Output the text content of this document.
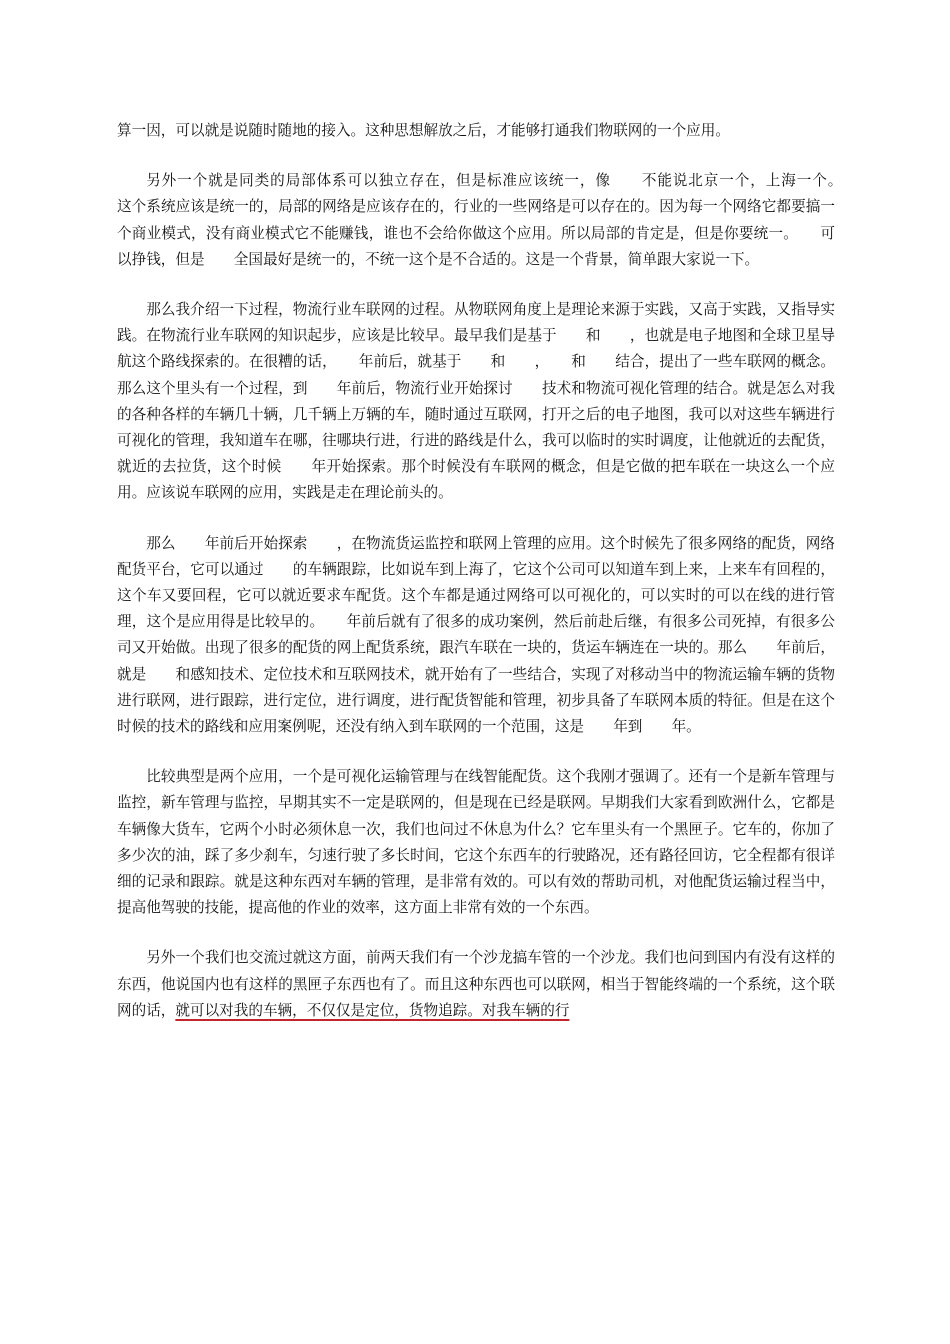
算一因，可以就是说随时随地的接入。这种思想解放之后，才能够打通我们物联网的一个应用。

另外一个就是同类的局部体系可以独立存在，但是标准应该统一，像　　不能说北京一个，上海一个。　　这个系统应该是统一的，局部的网络是应该存在的，行业的一些网络是可以存在的。因为每一个网络它都要搞一个商业模式，没有商业模式它不能赚钱，谁也不会给你做这个应用。所以局部的肯定是，但是你要统一。　　可以挣钱，但是　　全国最好是统一的，不统一这个是不合适的。这是一个背景，简单跟大家说一下。

那么我介绍一下过程，物流行业车联网的过程。从物联网角度上是理论来源于实践，又高于实践，又指导实践。在物流行业车联网的知识起步，应该是比较早。最早我们是基于　　和　　，也就是电子地图和全球卫星导航这个路线探索的。在很糟的话，　　年前后，就基于　　和　　，　　和　　结合，提出了一些车联网的概念。那么这个里头有一个过程，到　　年前后，物流行业开始探讨　　技术和物流可视化管理的结合。就是怎么对我的各种各样的车辆几十辆，几千辆上万辆的车，随时通过互联网，打开之后的电子地图，我可以对这些车辆进行可视化的管理，我知道车在哪，往哪块行进，行进的路线是什么，我可以临时的实时调度，让他就近的去配货，就近的去拉货，这个时候　　年开始探索。那个时候没有车联网的概念，但是它做的把车联在一块这么一个应用。应该说车联网的应用，实践是走在理论前头的。

那么　　年前后开始探索　　，在物流货运监控和联网上管理的应用。这个时候先了很多网络的配货，网络配货平台，它可以通过　　的车辆跟踪，比如说车到上海了，它这个公司可以知道车到上来，上来车有回程的，这个车又要回程，它可以就近要求车配货。这个车都是通过网络可以可视化的，可以实时的可以在线的进行管理，这个是应用得是比较早的。　　年前后就有了很多的成功案例，然后前赴后继，有很多公司死掉，有很多公司又开始做。出现了很多的配货的网上配货系统，跟汽车联在一块的，货运车辆连在一块的。那么　　年前后，就是　　和感知技术、定位技术和互联网技术，就开始有了一些结合，实现了对移动当中的物流运输车辆的货物进行联网，进行跟踪，进行定位，进行调度，进行配货智能和管理，初步具备了车联网本质的特征。但是在这个时候的技术的路线和应用案例呢，还没有纳入到车联网的一个范围，这是　　年到　　年。

比较典型是两个应用，一个是可视化运输管理与在线智能配货。这个我刚才强调了。还有一个是新车管理与监控，新车管理与监控，早期其实不一定是联网的，但是现在已经是联网。早期我们大家看到欧洲什么，它都是车辆像大货车，它两个小时必须休息一次，我们也问过不休息为什么？它车里头有一个黑匣子。它车的，你加了多少次的油，踩了多少刹车，匀速行驶了多长时间，它这个东西车的行驶路况，还有路径回访，它全程都有很详细的记录和跟踪。就是这种东西对车辆的管理，是非常有效的。可以有效的帮助司机，对他配货运输过程当中，提高他驾驶的技能，提高他的作业的效率，这方面上非常有效的一个东西。

另外一个我们也交流过就这方面，前两天我们有一个沙龙搞车管的一个沙龙。我们也问到国内有没有这样的东西，他说国内也有这样的黑匣子东西也有了。而且这种东西也可以联网，相当于智能终端的一个系统，这个联网的话，就可以对我的车辆，不仅仅是定位，货物追踪。对我车辆的行
